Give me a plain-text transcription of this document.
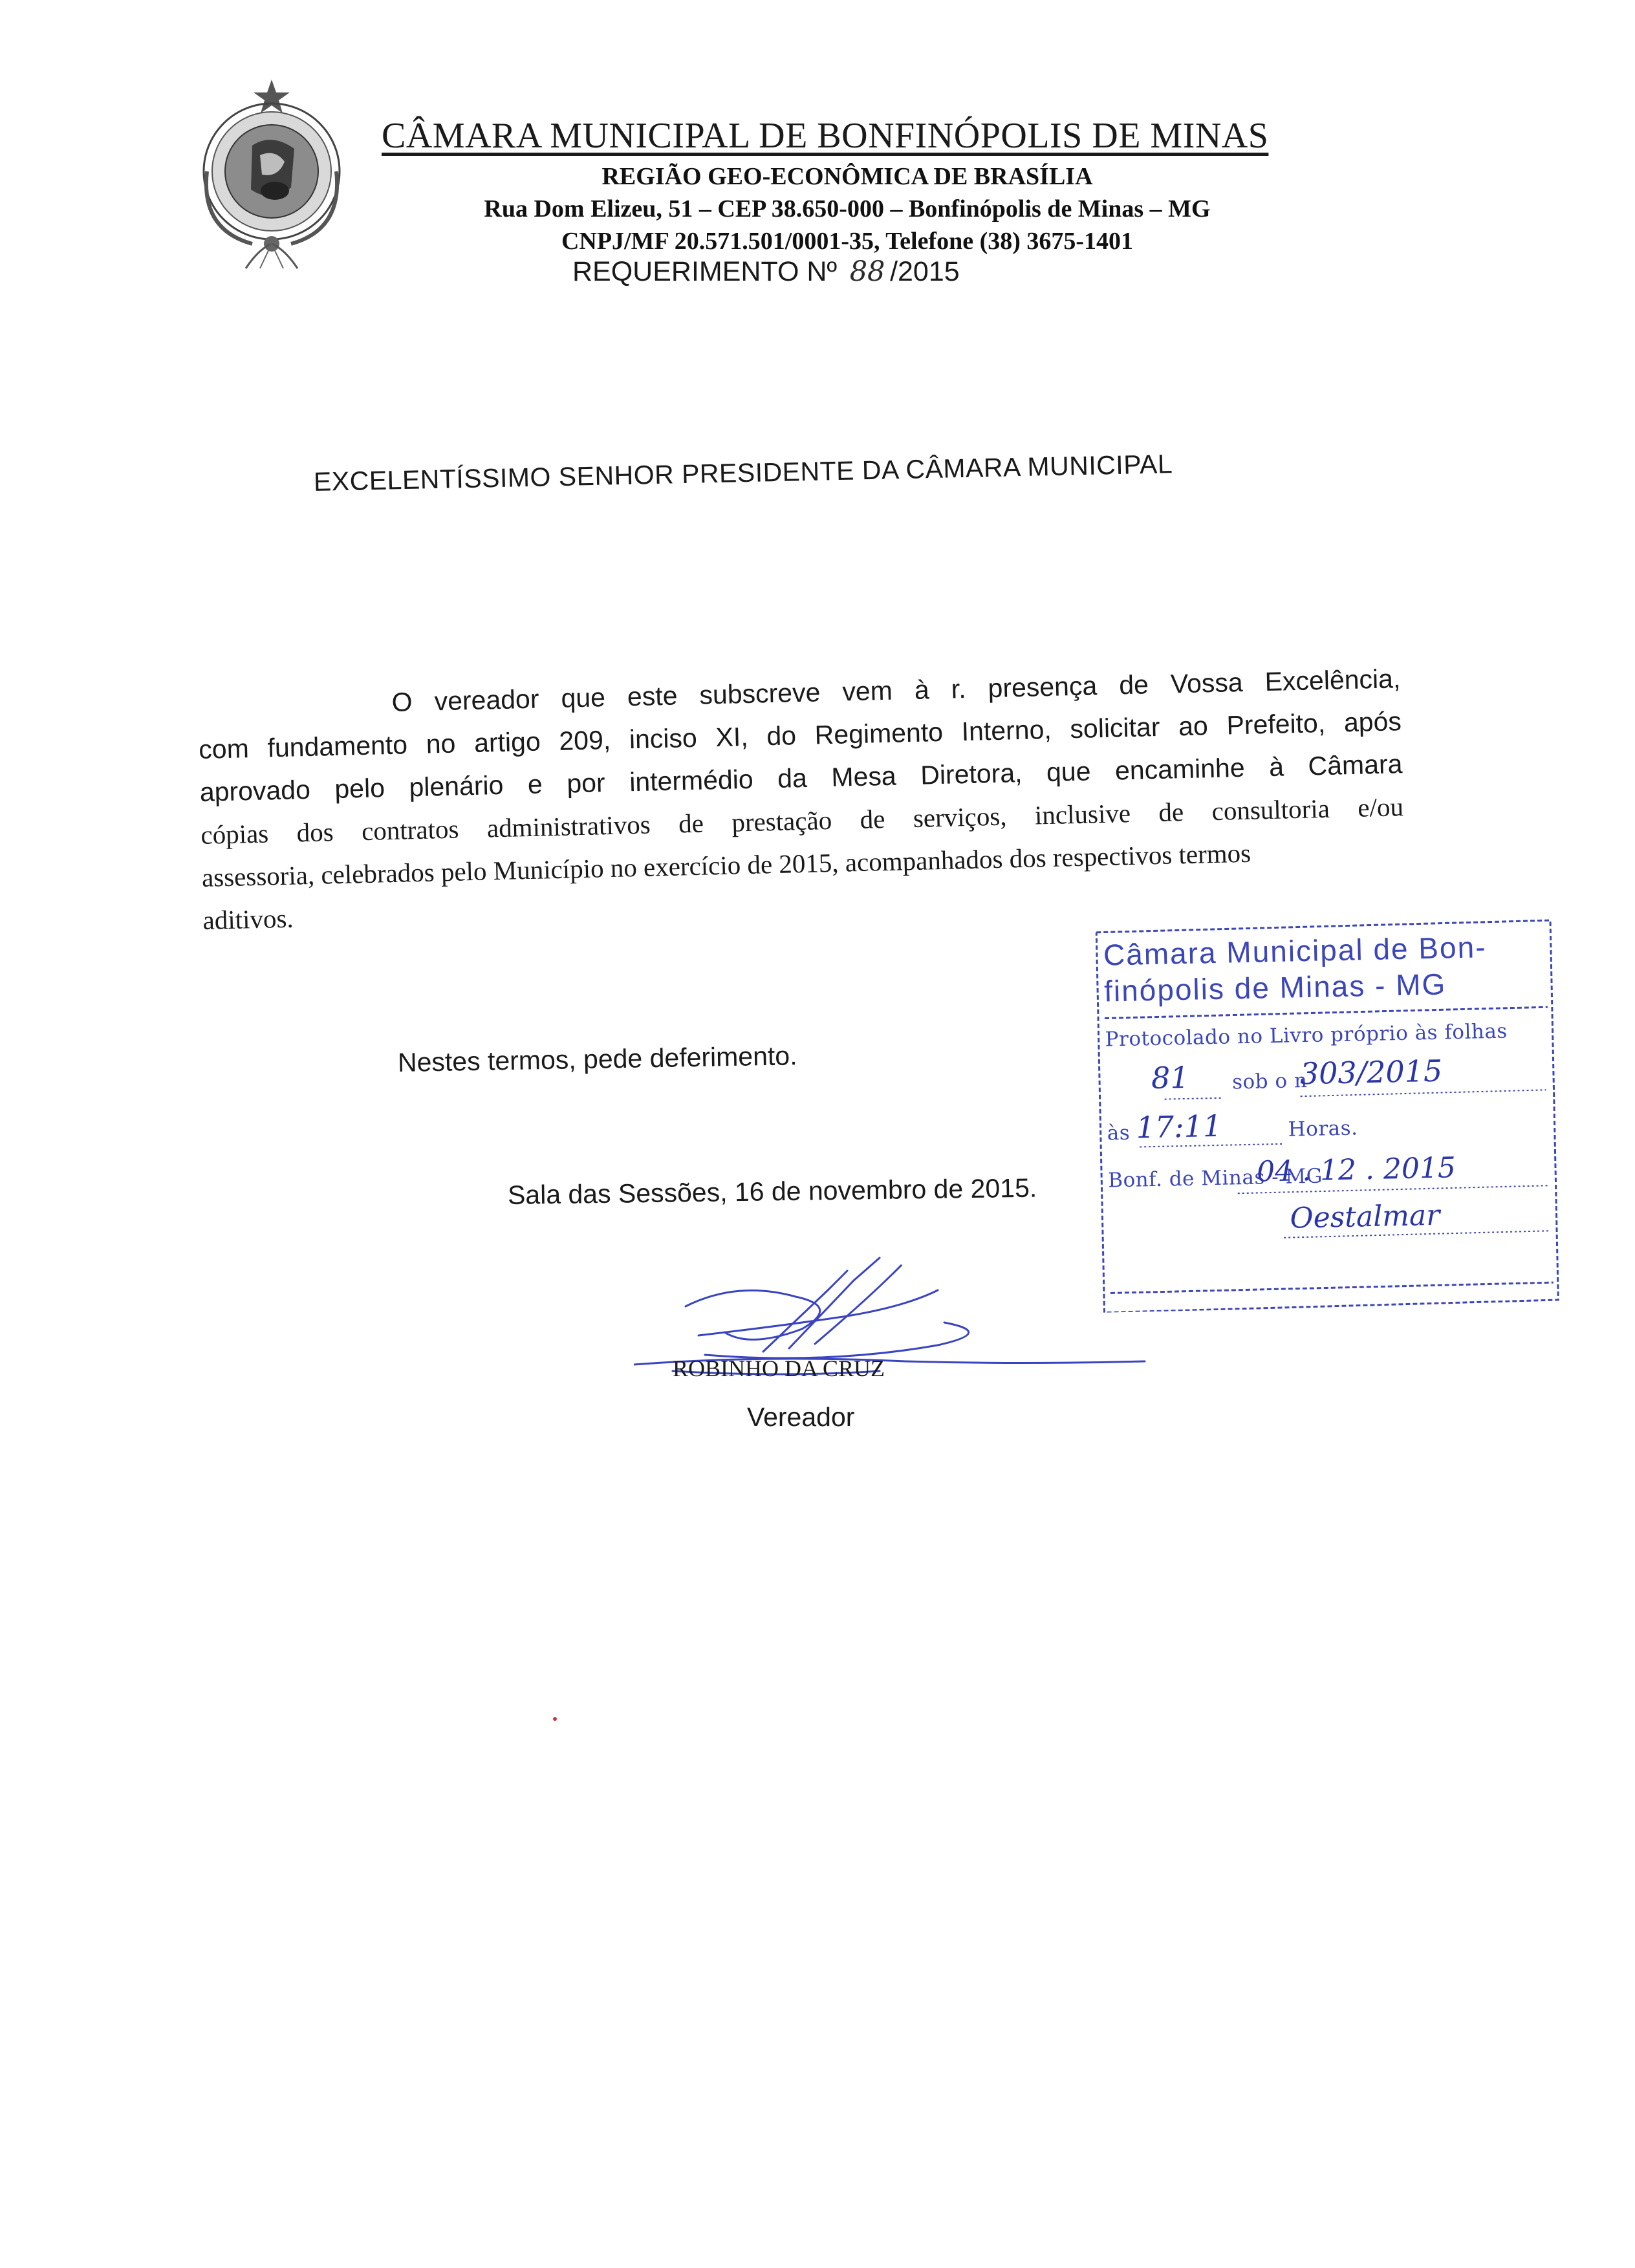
CÂMARA MUNICIPAL DE BONFINÓPOLIS DE MINAS
REGIÃO GEO-ECONÔMICA DE BRASÍLIA
Rua Dom Elizeu, 51 – CEP 38.650-000 – Bonfinópolis de Minas – MG
CNPJ/MF 20.571.501/0001-35, Telefone (38) 3675-1401
REQUERIMENTO Nº 88 /2015
EXCELENTÍSSIMO SENHOR PRESIDENTE DA CÂMARA MUNICIPAL
O vereador que este subscreve vem à r. presença de Vossa Excelência,
com fundamento no artigo 209, inciso XI, do Regimento Interno, solicitar ao Prefeito, após
aprovado pelo plenário e por intermédio da Mesa Diretora, que encaminhe à Câmara
cópias dos contratos administrativos de prestação de serviços, inclusive de consultoria e/ou
assessoria, celebrados pelo Município no exercício de 2015, acompanhados dos respectivos termos
aditivos.
Nestes termos, pede deferimento.
Sala das Sessões, 16 de novembro de 2015.
ROBINHO DA CRUZ
Vereador
Câmara Municipal de Bon-
finópolis de Minas - MG
Protocolado no Livro próprio às folhas
sob o n
às	Horas.
Bonf. de Minas - MG
81	303/2015
17:11
04 . 12 . 2015
Oestalmar
